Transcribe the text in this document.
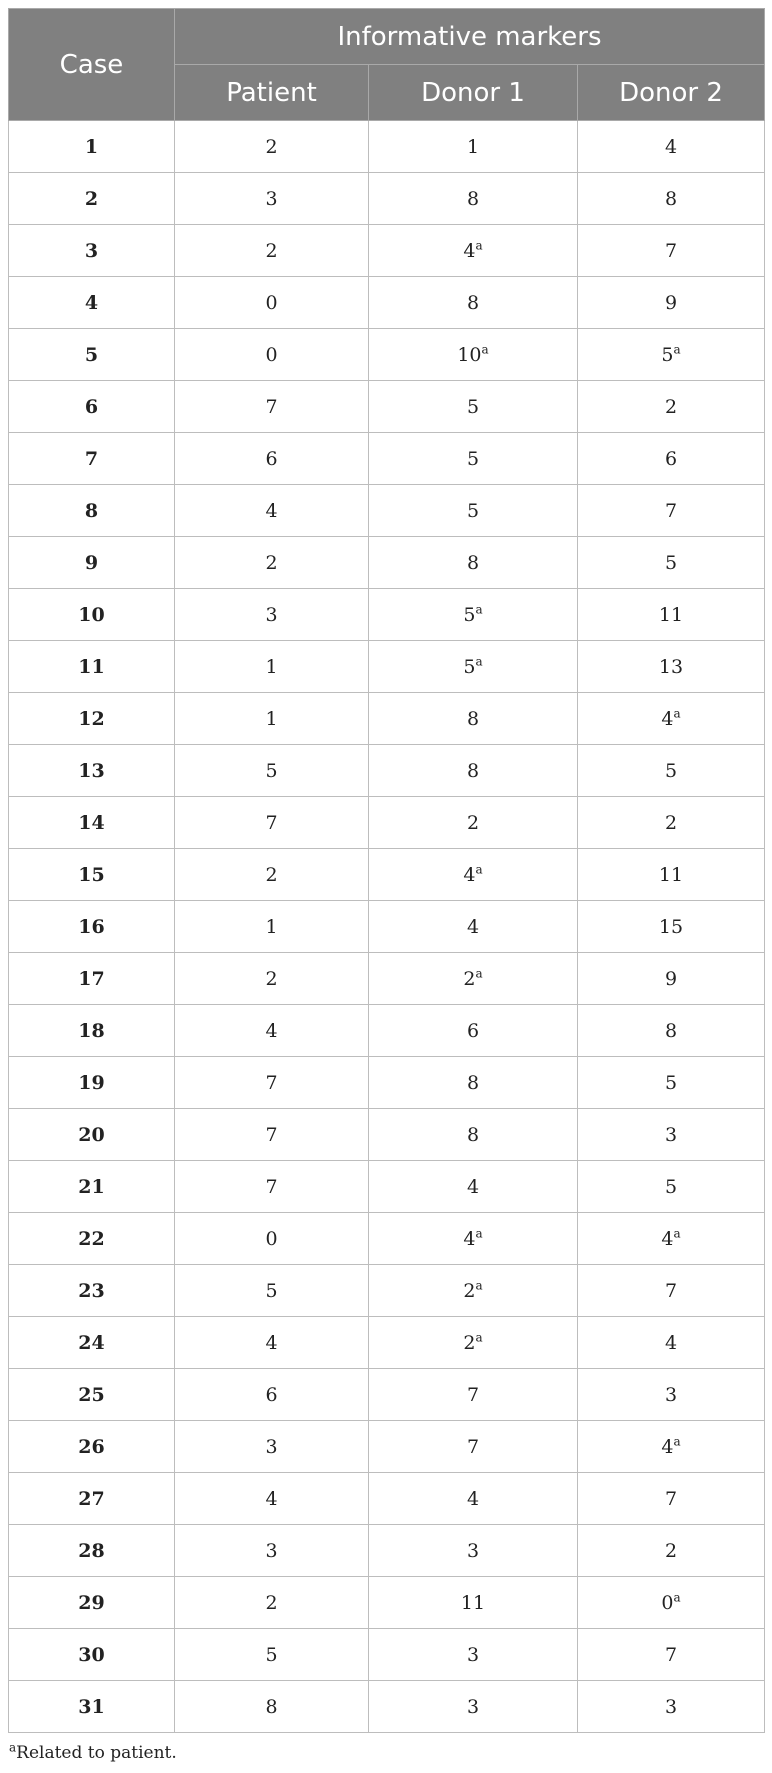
Case	Informative markers		
	Patient	Donor 1	Donor 2
1	2	1	4
2	3	8	8
3	2	4$^a$	7
4	0	8	9
5	0	10$^a$	5$^a$
6	7	5	2
7	6	5	6
8	4	5	7
9	2	8	5
10	3	5$^a$	11
11	1	5$^a$	13
12	1	8	4$^a$
13	5	8	5
14	7	2	2
15	2	4$^a$	11
16	1	4	15
17	2	2$^a$	9
18	4	6	8
19	7	8	5
20	7	8	3
21	7	4	5
22	0	4$^a$	4$^a$
23	5	2$^a$	7
24	4	2$^a$	4
25	6	7	3
26	3	7	4$^a$
27	4	4	7
28	3	3	2
29	2	11	0$^a$
30	5	3	7
31	8	3	3
$^a$Related to patient.
